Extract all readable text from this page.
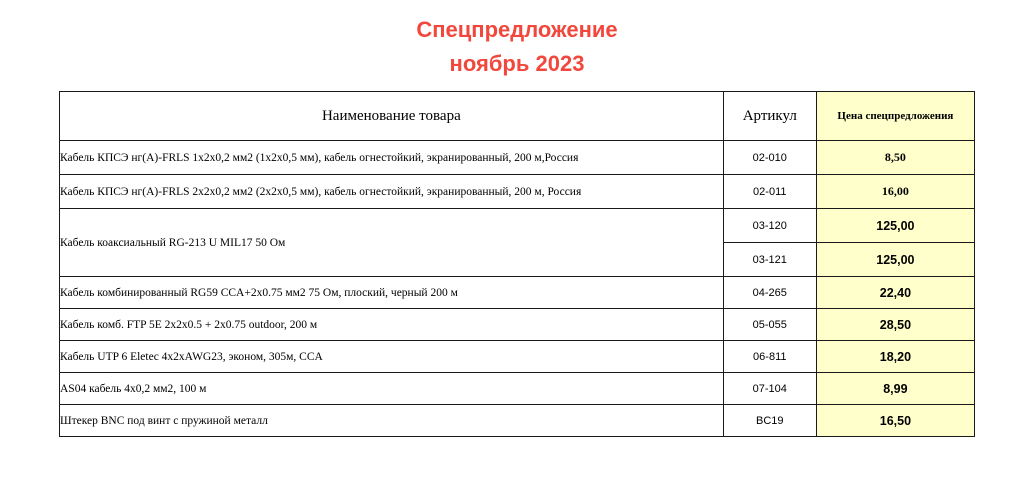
Спецпредложение
ноябрь 2023
Наименование товара	Артикул	Цена спецпредложения
Кабель КПСЭ нг(А)-FRLS 1х2х0,2 мм2 (1х2х0,5 мм), кабель огнестойкий, экранированный, 200 м,Россия	02-010	8,50
Кабель КПСЭ нг(А)-FRLS 2х2х0,2 мм2 (2х2х0,5 мм), кабель огнестойкий, экранированный, 200 м, Россия	02-011	16,00
Кабель коаксиальный RG-213 U MIL17 50 Ом	03-120	125,00
	03-121	125,00
Кабель комбинированный RG59 CCA+2x0.75 мм2 75 Ом, плоский, черный 200 м	04-265	22,40
Кабель комб. FTP 5E 2x2x0.5 + 2x0.75 outdoor, 200 м	05-055	28,50
Кабель UTP 6 Eletec 4x2xAWG23, эконом, 305м, CCA	06-811	18,20
AS04 кабель 4х0,2 мм2, 100 м	07-104	8,99
Штекер BNC под винт с пружиной металл	BC19	16,50
